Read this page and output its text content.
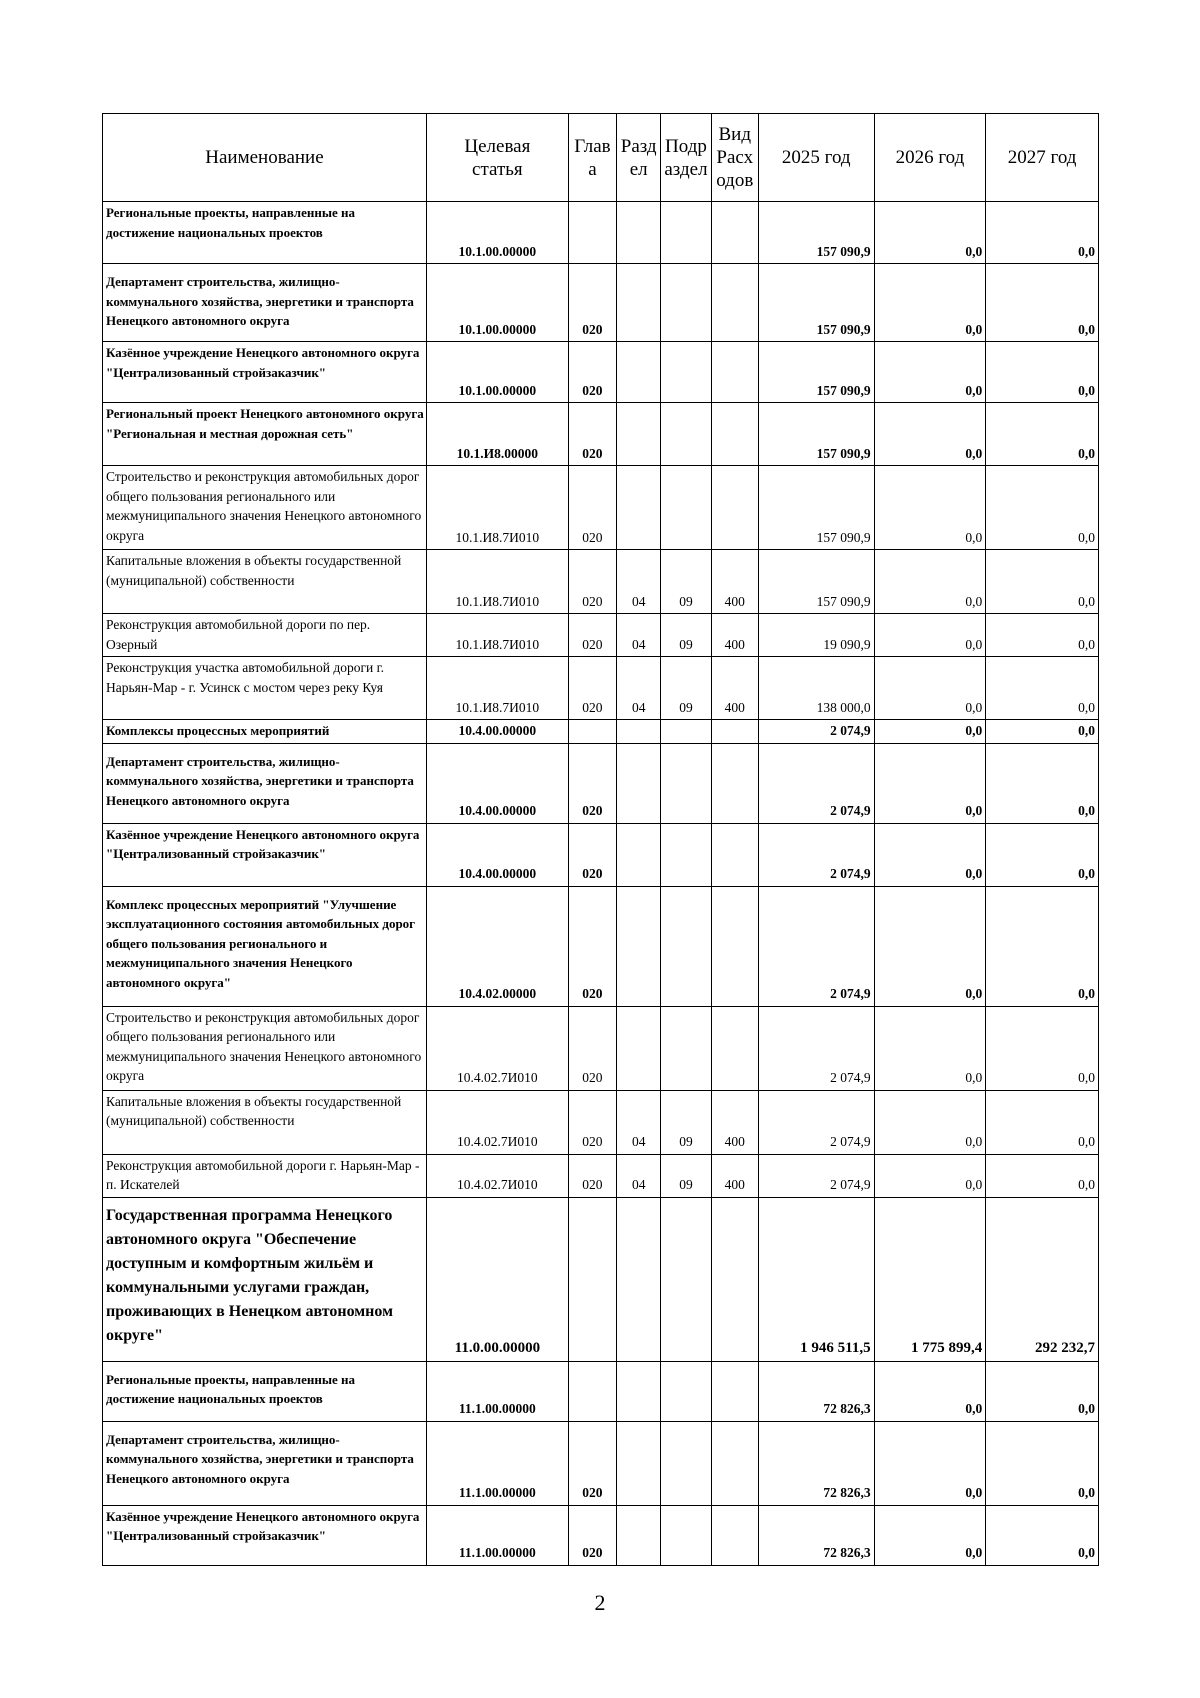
Наименование	Целевая статья	Глава	Раздел	Подраздел	Вид Расходов	2025 год	2026 год	2027 год
Региональные проекты, направленные на достижение национальных проектов	10.1.00.00000					157 090,9	0,0	0,0
Департамент строительства, жилищно-коммунального хозяйства, энергетики и транспорта Ненецкого автономного округа	10.1.00.00000	020				157 090,9	0,0	0,0
Казённое учреждение Ненецкого автономного округа "Централизованный стройзаказчик"	10.1.00.00000	020				157 090,9	0,0	0,0
Региональный проект Ненецкого автономного округа "Региональная и местная дорожная сеть"	10.1.И8.00000	020				157 090,9	0,0	0,0
Строительство и реконструкция автомобильных дорог общего пользования регионального или межмуниципального значения Ненецкого автономного округа	10.1.И8.7И010	020				157 090,9	0,0	0,0
Капитальные вложения в объекты государственной (муниципальной) собственности	10.1.И8.7И010	020	04	09	400	157 090,9	0,0	0,0
Реконструкция автомобильной дороги по пер. Озерный	10.1.И8.7И010	020	04	09	400	19 090,9	0,0	0,0
Реконструкция участка автомобильной дороги г. Нарьян-Мар - г. Усинск с мостом через реку Куя	10.1.И8.7И010	020	04	09	400	138 000,0	0,0	0,0
Комплексы процессных мероприятий	10.4.00.00000					2 074,9	0,0	0,0
Департамент строительства, жилищно-коммунального хозяйства, энергетики и транспорта Ненецкого автономного округа	10.4.00.00000	020				2 074,9	0,0	0,0
Казённое учреждение Ненецкого автономного округа "Централизованный стройзаказчик"	10.4.00.00000	020				2 074,9	0,0	0,0
Комплекс процессных мероприятий "Улучшение эксплуатационного состояния автомобильных дорог общего пользования регионального и межмуниципального значения Ненецкого автономного округа"	10.4.02.00000	020				2 074,9	0,0	0,0
Строительство и реконструкция автомобильных дорог общего пользования регионального или межмуниципального значения Ненецкого автономного округа	10.4.02.7И010	020				2 074,9	0,0	0,0
Капитальные вложения в объекты государственной (муниципальной) собственности	10.4.02.7И010	020	04	09	400	2 074,9	0,0	0,0
Реконструкция автомобильной дороги г. Нарьян-Мар - п. Искателей	10.4.02.7И010	020	04	09	400	2 074,9	0,0	0,0
Государственная программа Ненецкого автономного округа "Обеспечение доступным и комфортным жильём и коммунальными услугами граждан, проживающих в Ненецком автономном округе"	11.0.00.00000					1 946 511,5	1 775 899,4	292 232,7
Региональные проекты, направленные на достижение национальных проектов	11.1.00.00000					72 826,3	0,0	0,0
Департамент строительства, жилищно-коммунального хозяйства, энергетики и транспорта Ненецкого автономного округа	11.1.00.00000	020				72 826,3	0,0	0,0
Казённое учреждение Ненецкого автономного округа "Централизованный стройзаказчик"	11.1.00.00000	020				72 826,3	0,0	0,0
2
